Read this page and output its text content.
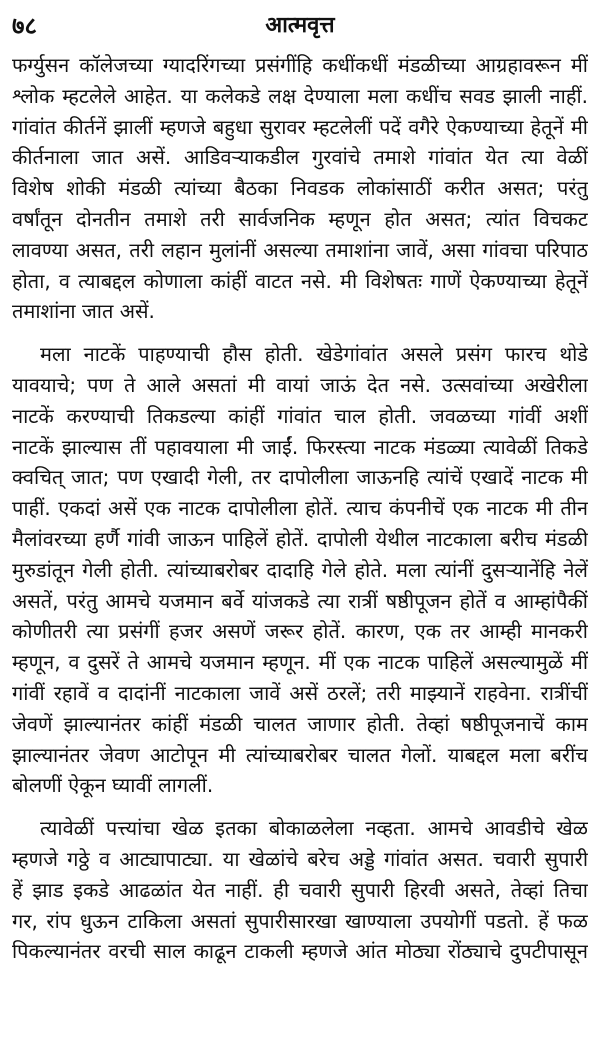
७८	आत्मवृत्त

फर्ग्युसन कॉलेजच्या ग्यादरिंगच्या प्रसंगींहि कधींकधीं मंडळीच्या आग्रहावरून मीं
श्लोक म्हटलेले आहेत. या कलेकडे लक्ष देण्याला मला कधींच सवड झाली नाहीं.
गांवांत कीर्तनें झालीं म्हणजे बहुधा सुरावर म्हटलेलीं पदें वगैरे ऐकण्याच्या हेतूनें मी
कीर्तनाला जात असें. आडिवऱ्याकडील गुरवांचे तमाशे गांवांत येत त्या वेळीं
विशेष शोकी मंडळी त्यांच्या बैठका निवडक लोकांसाठीं करीत असत; परंतु
वर्षांतून दोनतीन तमाशे तरी सार्वजनिक म्हणून होत असत; त्यांत विचकट
लावण्या असत, तरी लहान मुलांनीं असल्या तमाशांना जावें, असा गांवचा परिपाठ
होता, व त्याबद्दल कोणाला कांहीं वाटत नसे. मी विशेषतः गाणें ऐकण्याच्या हेतूनें
तमाशांना जात असें.

मला नाटकें पाहण्याची हौस होती. खेडेगांवांत असले प्रसंग फारच थोडे
यावयाचे; पण ते आले असतां मी वायां जाऊं देत नसे. उत्सवांच्या अखेरीला
नाटकें करण्याची तिकडल्या कांहीं गांवांत चाल होती. जवळच्या गांवीं अशीं
नाटकें झाल्यास तीं पहावयाला मी जाईं. फिरस्त्या नाटक मंडळ्या त्यावेळीं तिकडे
क्वचित् जात; पण एखादी गेली, तर दापोलीला जाऊनहि त्यांचें एखादें नाटक मी
पाहीं. एकदां असें एक नाटक दापोलीला होतें. त्याच कंपनीचें एक नाटक मी तीन
मैलांवरच्या हर्णै गांवी जाऊन पाहिलें होतें. दापोली येथील नाटकाला बरीच मंडळी
मुरुडांतून गेली होती. त्यांच्याबरोबर दादाहि गेले होते. मला त्यांनीं दुसऱ्यानेंहि नेलें
असतें, परंतु आमचे यजमान बर्वे यांजकडे त्या रात्रीं षष्ठीपूजन होतें व आम्हांपैकीं
कोणीतरी त्या प्रसंगीं हजर असणें जरूर होतें. कारण, एक तर आम्ही मानकरी
म्हणून, व दुसरें ते आमचे यजमान म्हणून. मीं एक नाटक पाहिलें असल्यामुळें मीं
गांवीं रहावें व दादांनीं नाटकाला जावें असें ठरलें; तरी माझ्यानें राहवेना. रात्रींचीं
जेवणें झाल्यानंतर कांहीं मंडळी चालत जाणार होती. तेव्हां षष्ठीपूजनाचें काम
झाल्यानंतर जेवण आटोपून मी त्यांच्याबरोबर चालत गेलों. याबद्दल मला बरींच
बोलणीं ऐकून घ्यावीं लागलीं.

त्यावेळीं पत्त्यांचा खेळ इतका बोकाळलेला नव्हता. आमचे आवडीचे खेळ
म्हणजे गठ्ठे व आट्यापाट्या. या खेळांचे बरेच अड्डे गांवांत असत. चवारी सुपारी
हें झाड इकडे आढळांत येत नाहीं. ही चवारी सुपारी हिरवी असते, तेव्हां तिचा
गर, रांप धुऊन टाकिला असतां सुपारीसारखा खाण्याला उपयोगीं पडतो. हें फळ
पिकल्यानंतर वरची साल काढून टाकली म्हणजे आंत मोठ्या रोंठ्याचे दुपटीपासून
